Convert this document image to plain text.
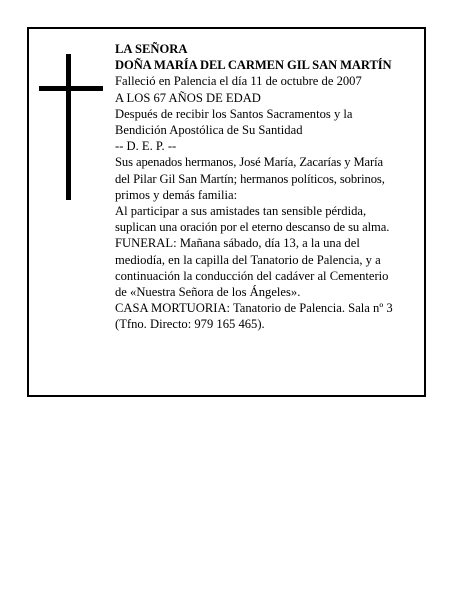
LA SEÑORA

DOÑA MARÍA DEL CARMEN GIL SAN MARTÍN

Falleció en Palencia el día 11 de octubre de 2007

A LOS 67 AÑOS DE EDAD

Después de recibir los Santos Sacramentos y la

Bendición Apostólica de Su Santidad

-- D. E. P. --

Sus apenados hermanos, José María, Zacarías y María

del Pilar Gil San Martín; hermanos políticos, sobrinos,

primos y demás familia:

Al participar a sus amistades tan sensible pérdida,

suplican una oración por el eterno descanso de su alma.

FUNERAL: Mañana sábado, día 13, a la una del

mediodía, en la capilla del Tanatorio de Palencia, y a

continuación la conducción del cadáver al Cementerio

de «Nuestra Señora de los Ángeles».

CASA MORTUORIA: Tanatorio de Palencia. Sala nº 3

(Tfno. Directo: 979 165 465).
